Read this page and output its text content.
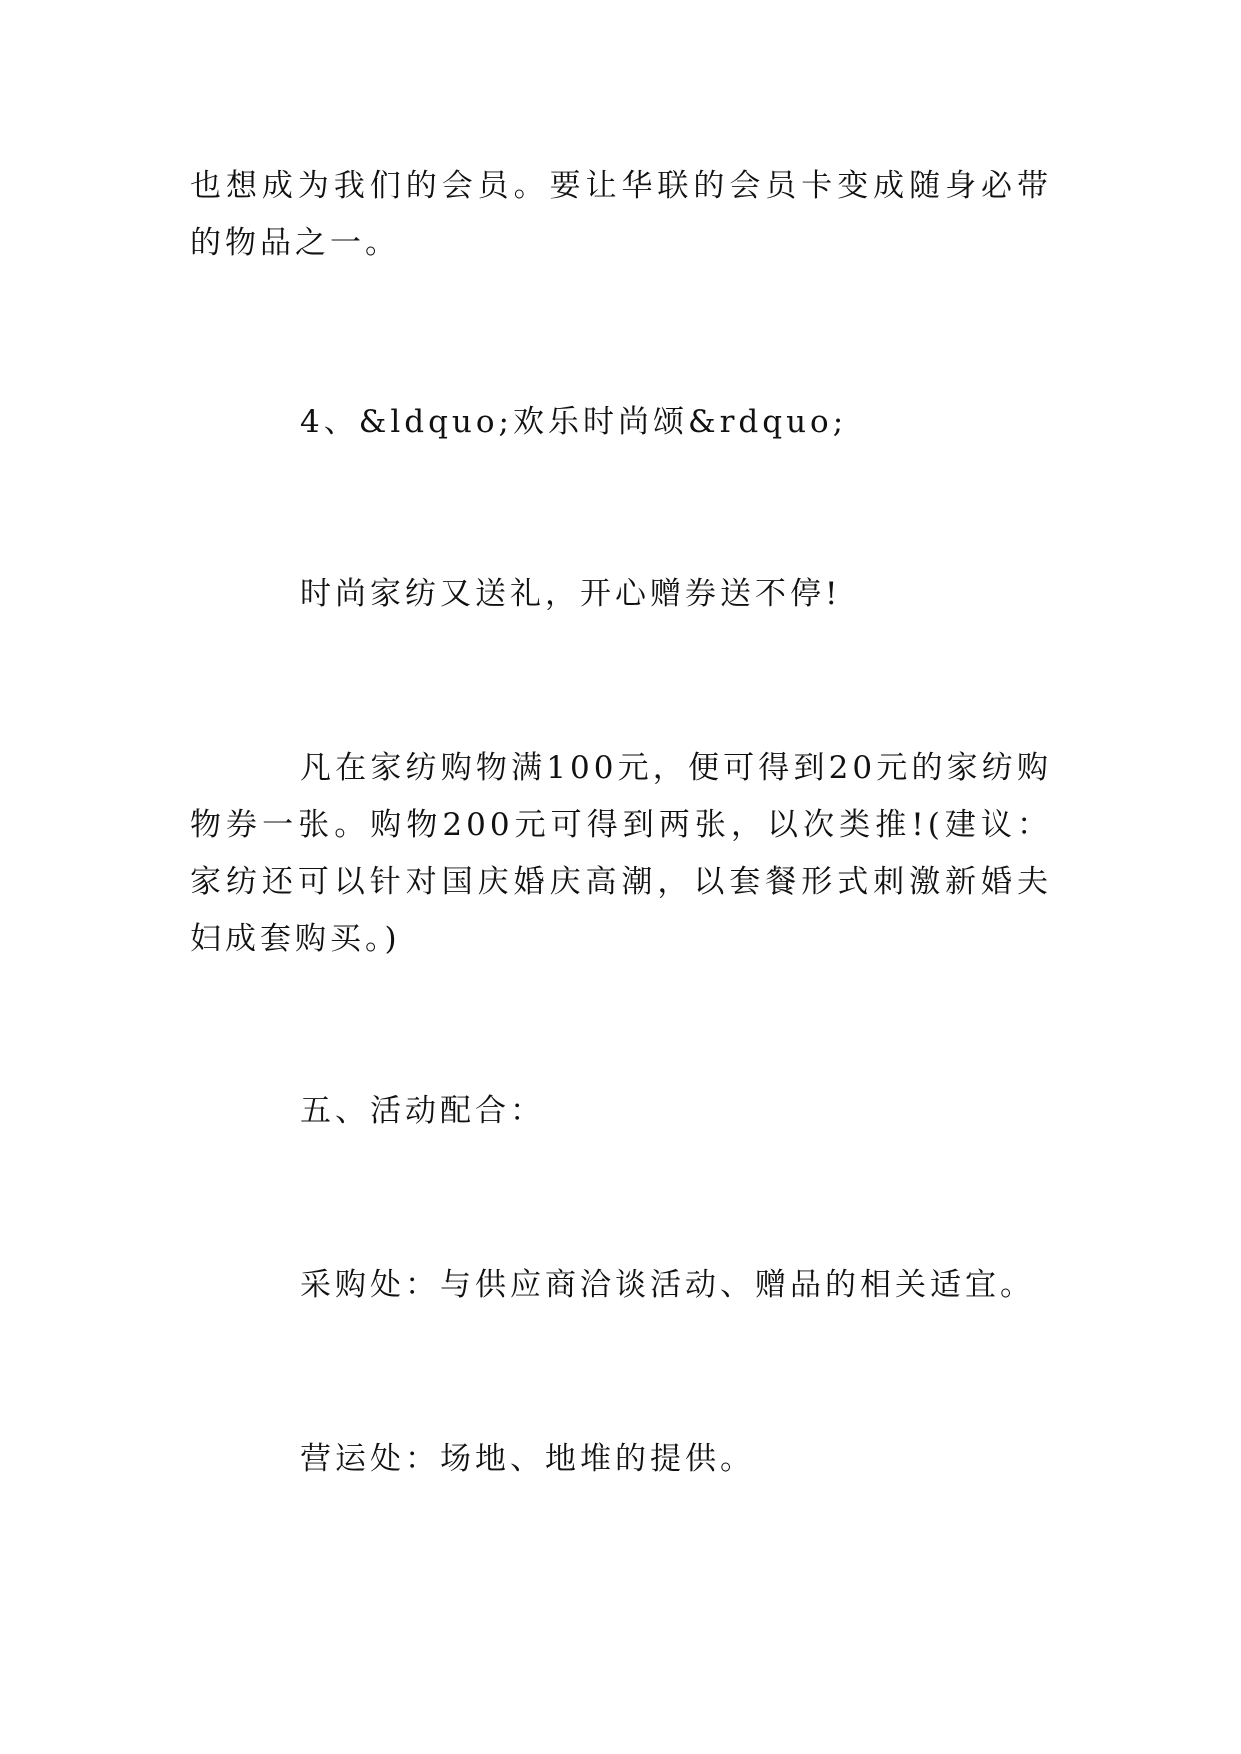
也想成为我们的会员。要让华联的会员卡变成随身必带的物品之一。

4、&ldquo;欢乐时尚颂&rdquo;

时尚家纺又送礼，开心赠券送不停!

凡在家纺购物满100元，便可得到20元的家纺购物券一张。购物200元可得到两张，以次类推!(建议：家纺还可以针对国庆婚庆高潮，以套餐形式刺激新婚夫妇成套购买。)

五、活动配合：

采购处：与供应商洽谈活动、赠品的相关适宜。

营运处：场地、地堆的提供。
